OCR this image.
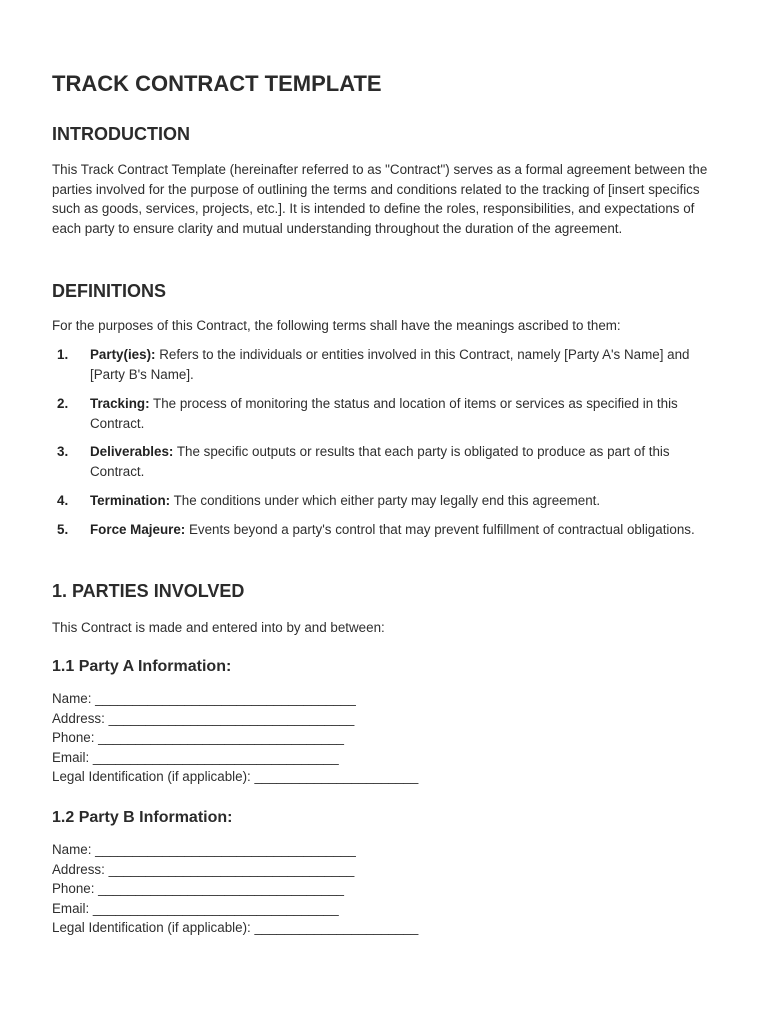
TRACK CONTRACT TEMPLATE
INTRODUCTION

This Track Contract Template (hereinafter referred to as "Contract") serves as a formal agreement between the parties involved for the purpose of outlining the terms and conditions related to the tracking of [insert specifics such as goods, services, projects, etc.]. It is intended to define the roles, responsibilities, and expectations of each party to ensure clarity and mutual understanding throughout the duration of the agreement.

DEFINITIONS

For the purposes of this Contract, the following terms shall have the meanings ascribed to them:

1. Party(ies): Refers to the individuals or entities involved in this Contract, namely [Party A's Name] and [Party B's Name].
2. Tracking: The process of monitoring the status and location of items or services as specified in this Contract.
3. Deliverables: The specific outputs or results that each party is obligated to produce as part of this Contract.
4. Termination: The conditions under which either party may legally end this agreement.
5. Force Majeure: Events beyond a party's control that may prevent fulfillment of contractual obligations.
1. PARTIES INVOLVED

This Contract is made and entered into by and between:

1.1 Party A Information:
Name: ___________________________________
Address: _________________________________
Phone: _________________________________
Email: _________________________________
Legal Identification (if applicable): ______________________
1.2 Party B Information:
Name: ___________________________________
Address: _________________________________
Phone: _________________________________
Email: _________________________________
Legal Identification (if applicable): ______________________
